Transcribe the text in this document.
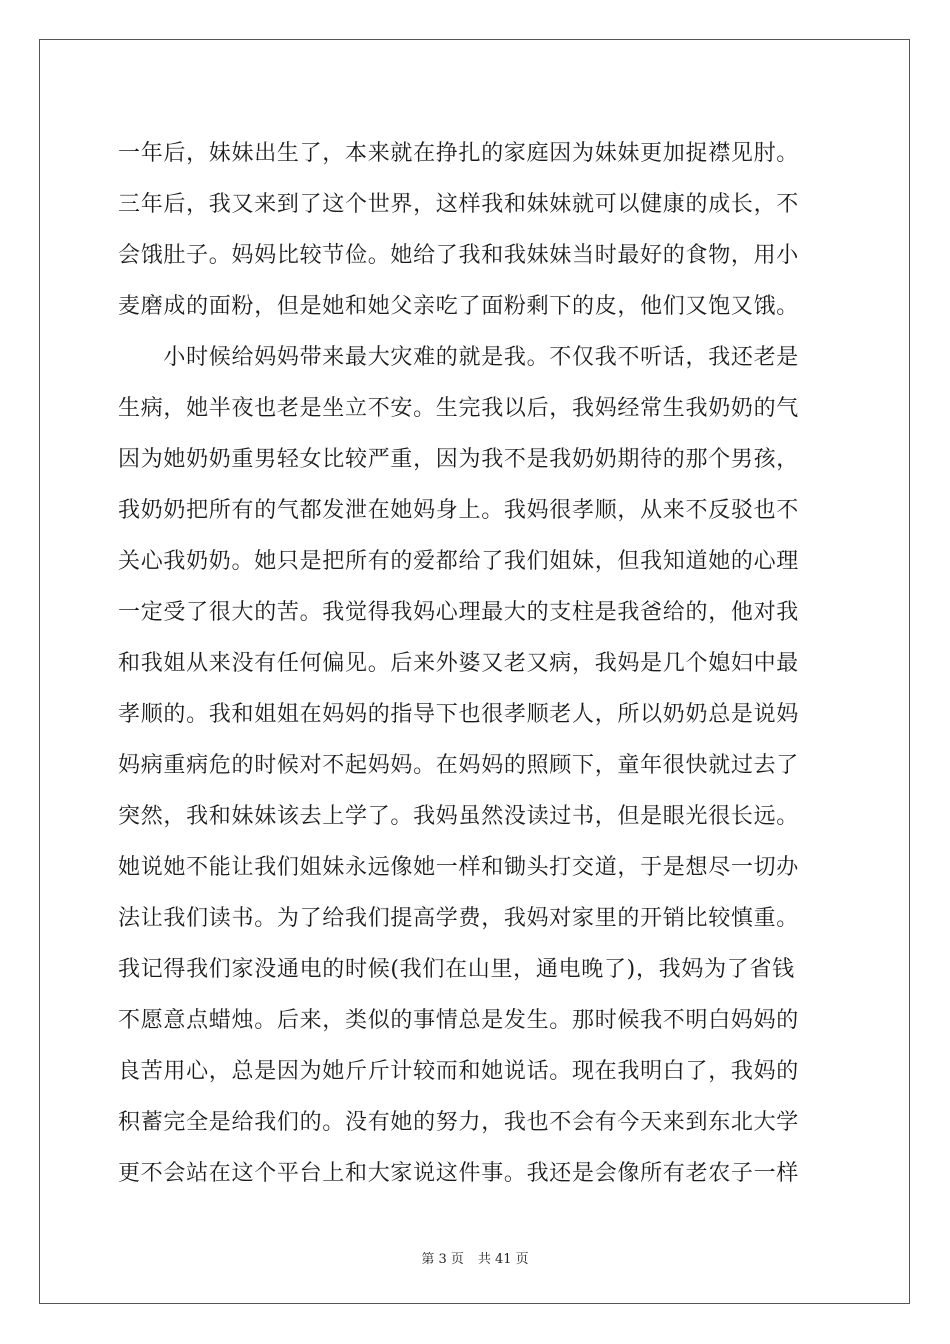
一年后，妹妹出生了，本来就在挣扎的家庭因为妹妹更加捉襟见肘。
三年后，我又来到了这个世界，这样我和妹妹就可以健康的成长，不
会饿肚子。妈妈比较节俭。她给了我和我妹妹当时最好的食物，用小
麦磨成的面粉，但是她和她父亲吃了面粉剩下的皮，他们又饱又饿。
　　小时候给妈妈带来最大灾难的就是我。不仅我不听话，我还老是
生病，她半夜也老是坐立不安。生完我以后，我妈经常生我奶奶的气
因为她奶奶重男轻女比较严重，因为我不是我奶奶期待的那个男孩，
我奶奶把所有的气都发泄在她妈身上。我妈很孝顺，从来不反驳也不
关心我奶奶。她只是把所有的爱都给了我们姐妹，但我知道她的心理
一定受了很大的苦。我觉得我妈心理最大的支柱是我爸给的，他对我
和我姐从来没有任何偏见。后来外婆又老又病，我妈是几个媳妇中最
孝顺的。我和姐姐在妈妈的指导下也很孝顺老人，所以奶奶总是说妈
妈病重病危的时候对不起妈妈。在妈妈的照顾下，童年很快就过去了
突然，我和妹妹该去上学了。我妈虽然没读过书，但是眼光很长远。
她说她不能让我们姐妹永远像她一样和锄头打交道，于是想尽一切办
法让我们读书。为了给我们提高学费，我妈对家里的开销比较慎重。
我记得我们家没通电的时候(我们在山里，通电晚了)，我妈为了省钱
不愿意点蜡烛。后来，类似的事情总是发生。那时候我不明白妈妈的
良苦用心，总是因为她斤斤计较而和她说话。现在我明白了，我妈的
积蓄完全是给我们的。没有她的努力，我也不会有今天来到东北大学
更不会站在这个平台上和大家说这件事。我还是会像所有老农子一样
第 3 页 共 41 页
